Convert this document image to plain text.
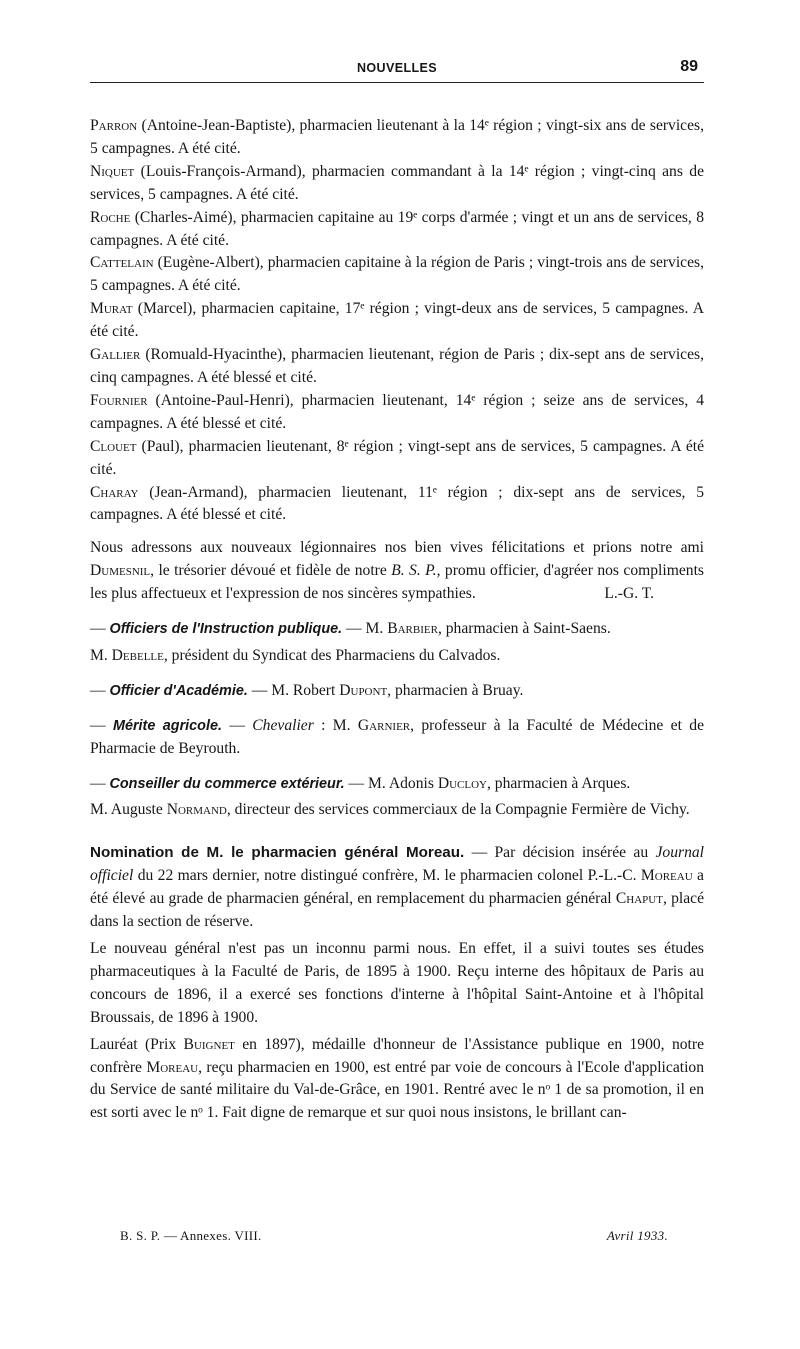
NOUVELLES	89

Parron (Antoine-Jean-Baptiste), pharmacien lieutenant à la 14ᵉ région ; vingt-six ans de services, 5 campagnes. A été cité.

Niquet (Louis-François-Armand), pharmacien commandant à la 14ᵉ région ; vingt-cinq ans de services, 5 campagnes. A été cité.

Roche (Charles-Aimé), pharmacien capitaine au 19ᵉ corps d'armée ; vingt et un ans de services, 8 campagnes. A été cité.

Cattelain (Eugène-Albert), pharmacien capitaine à la région de Paris ; vingt-trois ans de services, 5 campagnes. A été cité.

Murat (Marcel), pharmacien capitaine, 17ᵉ région ; vingt-deux ans de services, 5 campagnes. A été cité.

Gallier (Romuald-Hyacinthe), pharmacien lieutenant, région de Paris ; dix-sept ans de services, cinq campagnes. A été blessé et cité.

Fournier (Antoine-Paul-Henri), pharmacien lieutenant, 14ᵉ région ; seize ans de services, 4 campagnes. A été blessé et cité.

Clouet (Paul), pharmacien lieutenant, 8ᵉ région ; vingt-sept ans de services, 5 campagnes. A été cité.

Charay (Jean-Armand), pharmacien lieutenant, 11ᵉ région ; dix-sept ans de services, 5 campagnes. A été blessé et cité.

Nous adressons aux nouveaux légionnaires nos bien vives félicitations et prions notre ami Dumesnil, le trésorier dévoué et fidèle de notre B. S. P., promu officier, d'agréer nos compliments les plus affectueux et l'expression de nos sincères sympathies.	L.-G. T.

— Officiers de l'Instruction publique. — M. Barbier, pharmacien à Saint-Saens.

M. Debelle, président du Syndicat des Pharmaciens du Calvados.

— Officier d'Académie. — M. Robert Dupont, pharmacien à Bruay.

— Mérite agricole. — Chevalier : M. Garnier, professeur à la Faculté de Médecine et de Pharmacie de Beyrouth.

— Conseiller du commerce extérieur. — M. Adonis Ducloy, pharmacien à Arques.

M. Auguste Normand, directeur des services commerciaux de la Compagnie Fermière de Vichy.

Nomination de M. le pharmacien général Moreau. — Par décision insérée au Journal officiel du 22 mars dernier, notre distingué confrère, M. le pharmacien colonel P.-L.-C. Moreau a été élevé au grade de pharmacien général, en remplacement du pharmacien général Chaput, placé dans la section de réserve.

Le nouveau général n'est pas un inconnu parmi nous. En effet, il a suivi toutes ses études pharmaceutiques à la Faculté de Paris, de 1895 à 1900. Reçu interne des hôpitaux de Paris au concours de 1896, il a exercé ses fonctions d'interne à l'hôpital Saint-Antoine et à l'hôpital Broussais, de 1896 à 1900.

Lauréat (Prix Buignet en 1897), médaille d'honneur de l'Assistance publique en 1900, notre confrère Moreau, reçu pharmacien en 1900, est entré par voie de concours à l'Ecole d'application du Service de santé militaire du Val-de-Grâce, en 1901. Rentré avec le nᵒ 1 de sa promotion, il en est sorti avec le nᵒ 1. Fait digne de remarque et sur quoi nous insistons, le brillant can-

B. S. P. — Annexes. VIII.	Avril 1933.
